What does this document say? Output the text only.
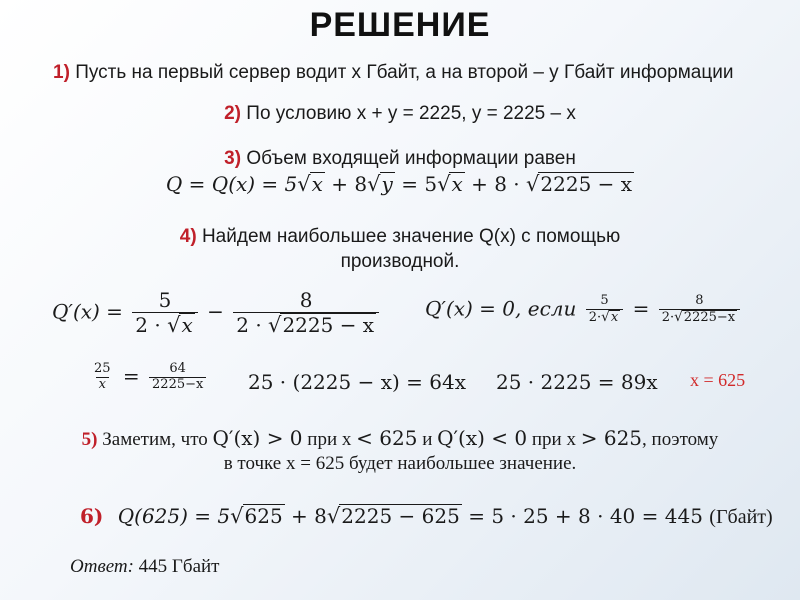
РЕШЕНИЕ
1) Пусть на первый сервер водит x Гбайт, а на второй – y Гбайт информации
2) По условию x + y = 2225, y = 2225 – x
3) Объем входящей информации равен
Q = Q(x) = 5√x + 8√y = 5√x + 8 · √2225 − x
4) Найдем наибольшее значение Q(x) с помощью
производной.
$Q'(x) = \frac{5}{2 \cdot √x} - \frac{8}{2 \cdot √2225 - x} Q'(x) = 0$, если $\frac{5}{2\cdot√x} = \frac{8}{2\cdot√2225-x}$
$\frac{25}{x} = \frac{64}{2225-x} 25 \cdot (2225 - x) = 64x$ 25 · 2225 = 89x x = 625
5) Заметим, что Q′(x) > 0 при x < 625 и Q′(x) < 0 при x > 625, поэтому
в точке x = 625 будет наибольшее значение.
6) Q(625) = 5√625 + 8√2225 − 625 = 5 · 25 + 8 · 40 = 445 (Гбайт)
Ответ: 445 Гбайт
